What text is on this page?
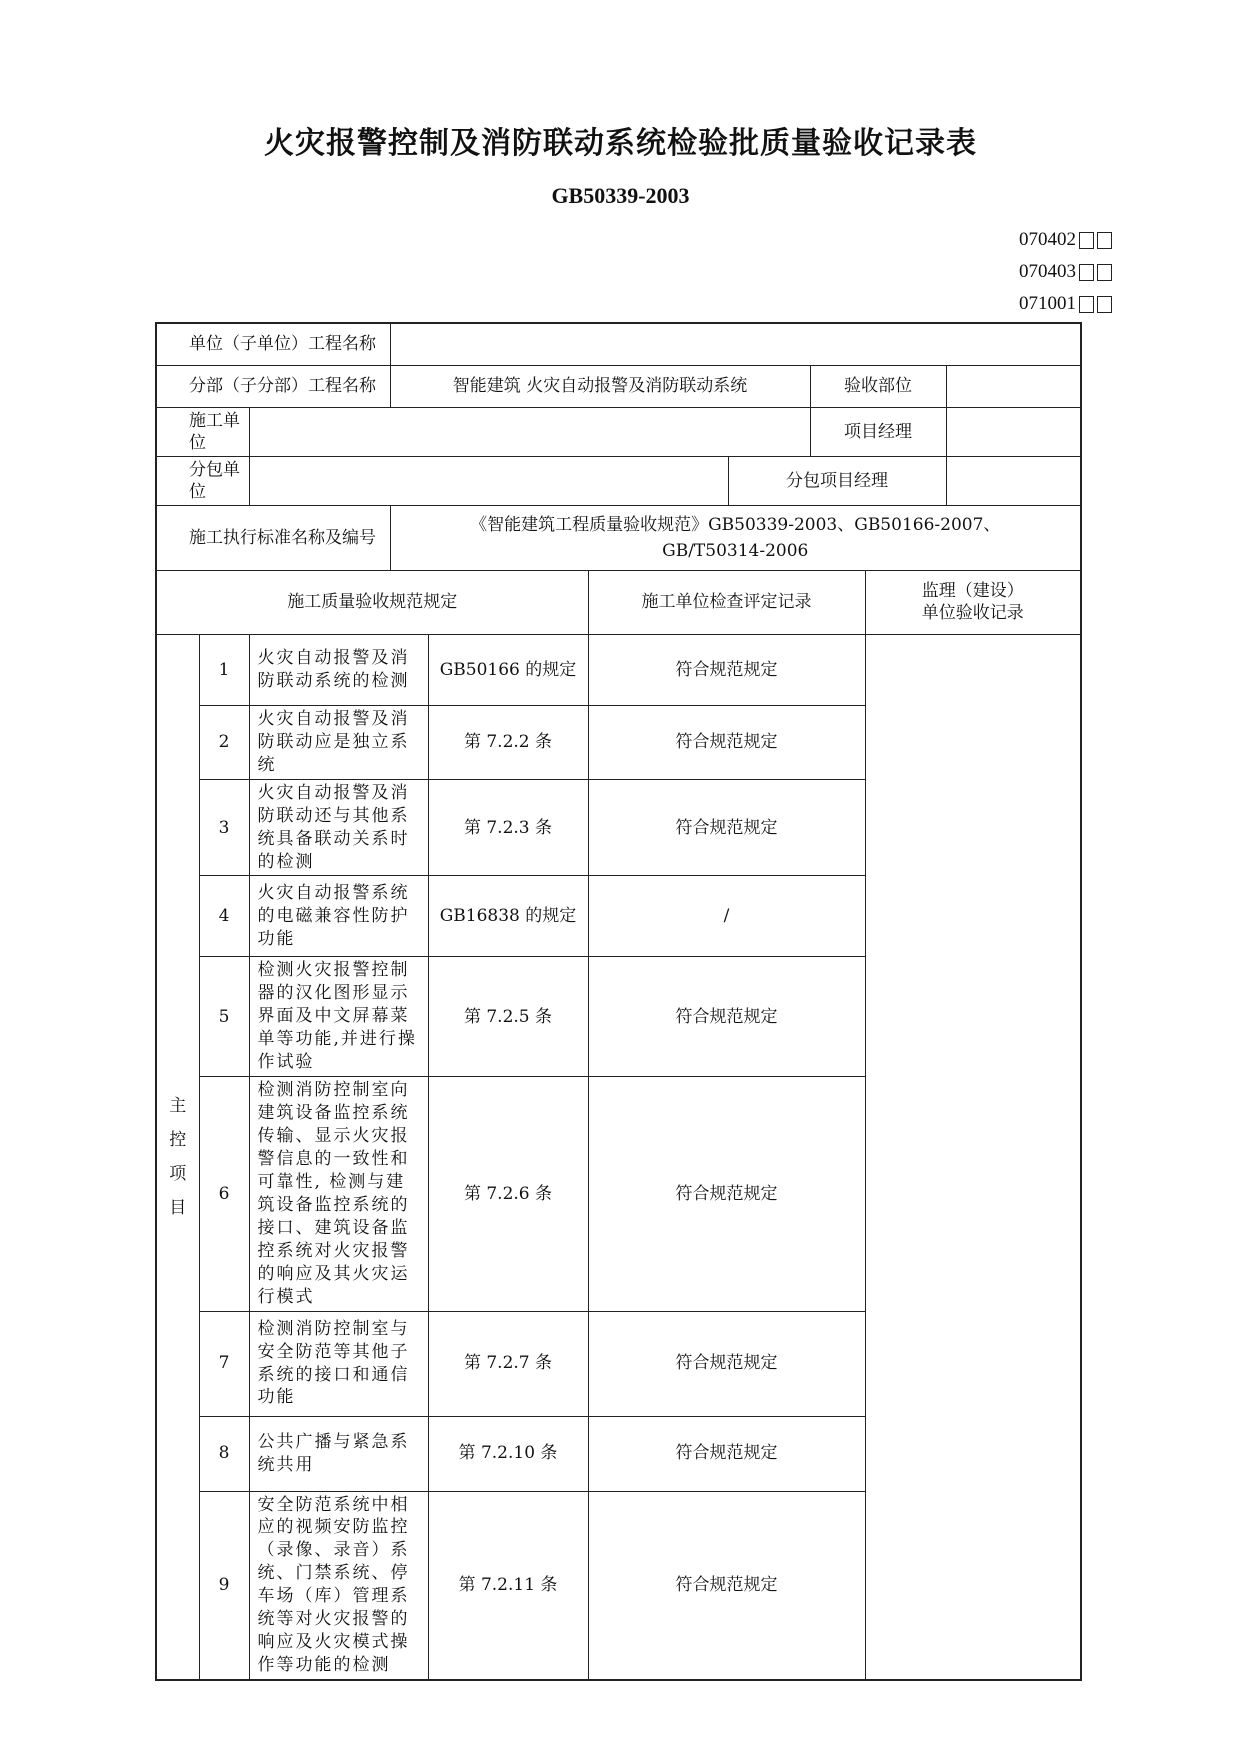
火灾报警控制及消防联动系统检验批质量验收记录表
GB50339-2003
070402
070403
071001
单位（子单位）工程名称									
分部（子分部）工程名称			智能建筑 火灾自动报警及消防联动系统				验收部位		
施工单位							项目经理		
分包单位						分包项目经理			
施工执行标准名称及编号			《智能建筑工程质量验收规范》GB50339-2003、GB50166-2007、
GB/T50314-2006						

施工质量验收规范规定					施工单位检查评定记录			监理（建设）
单位验收记录	

主
控
项
目	1	火灾自动报警及消防联动系统的检测		GB50166 的规定	符合规范规定				
	2	火灾自动报警及消防联动应是独立系统		第 7.2.2 条	符合规范规定				
	3	火灾自动报警及消防联动还与其他系统具备联动关系时的检测		第 7.2.3 条	符合规范规定				
	4	火灾自动报警系统的电磁兼容性防护功能		GB16838 的规定	/				
	5	检测火灾报警控制器的汉化图形显示界面及中文屏幕菜单等功能,并进行操作试验		第 7.2.5 条	符合规范规定				
	6	检测消防控制室向建筑设备监控系统传输、显示火灾报警信息的一致性和可靠性, 检测与建筑设备监控系统的接口、建筑设备监控系统对火灾报警的响应及其火灾运行模式		第 7.2.6 条	符合规范规定				
	7	检测消防控制室与安全防范等其他子系统的接口和通信功能		第 7.2.7 条	符合规范规定				
	8	公共广播与紧急系统共用		第 7.2.10 条	符合规范规定				
	9	安全防范系统中相应的视频安防监控（录像、录音）系统、门禁系统、停车场（库）管理系统等对火灾报警的响应及火灾模式操作等功能的检测		第 7.2.11 条	符合规范规定				
